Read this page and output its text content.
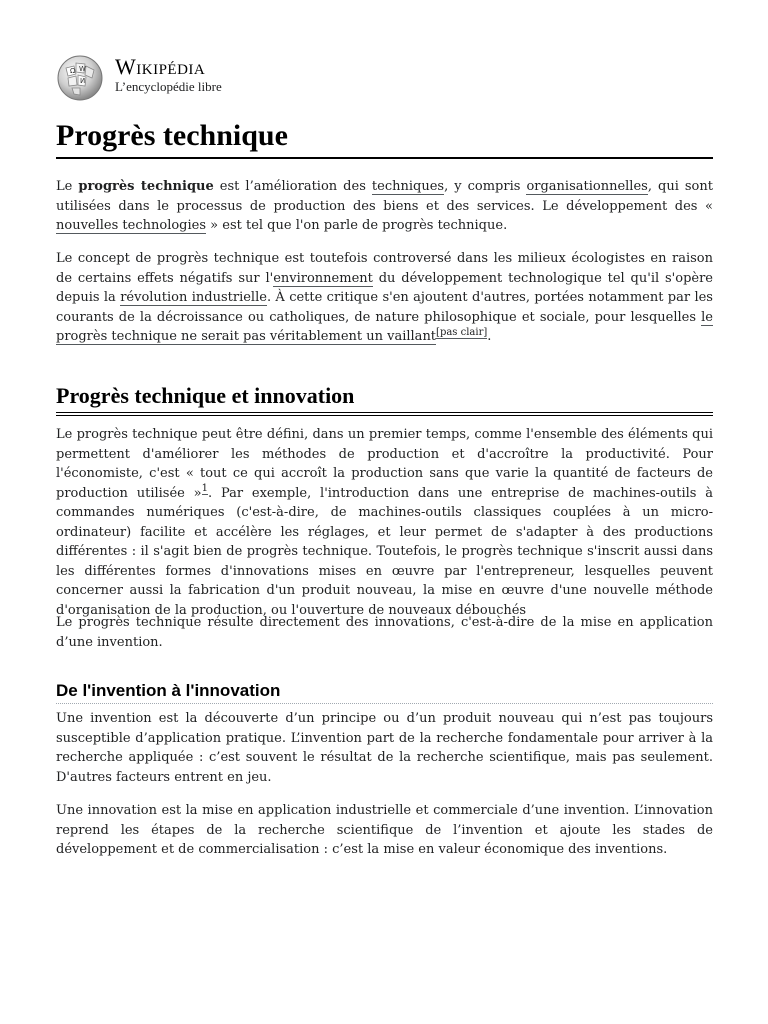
Ω W
И
Wikipédia
L’encyclopédie libre
Progrès technique

Le progrès technique est l’amélioration des techniques, y compris organisationnelles, qui sont utilisées dans le processus de production des biens et des services. Le développement des « nouvelles technologies » est tel que l'on parle de progrès technique.

Le concept de progrès technique est toutefois controversé dans les milieux écologistes en raison de certains effets négatifs sur l'environnement du développement technologique tel qu'il s'opère depuis la révolution industrielle. À cette critique s'en ajoutent d'autres, portées notamment par les courants de la décroissance ou catholiques, de nature philosophique et sociale, pour lesquelles le progrès technique ne serait pas véritablement un vaillant[pas clair].

Progrès technique et innovation

Le progrès technique peut être défini, dans un premier temps, comme l'ensemble des éléments qui permettent d'améliorer les méthodes de production et d'accroître la productivité. Pour l'économiste, c'est « tout ce qui accroît la production sans que varie la quantité de facteurs de production utilisée »$^1$. Par exemple, l'introduction dans une entreprise de machines-outils à commandes numériques (c'est-à-dire, de machines-outils classiques couplées à un micro-ordinateur) facilite et accélère les réglages, et leur permet de s'adapter à des productions différentes : il s'agit bien de progrès technique. Toutefois, le progrès technique s'inscrit aussi dans les différentes formes d'innovations mises en œuvre par l'entrepreneur, lesquelles peuvent concerner aussi la fabrication d'un produit nouveau, la mise en œuvre d'une nouvelle méthode d'organisation de la production, ou l'ouverture de nouveaux débouchés

Le progrès technique résulte directement des innovations, c'est-à-dire de la mise en application d’une invention.

De l'invention à l'innovation

Une invention est la découverte d’un principe ou d’un produit nouveau qui n’est pas toujours susceptible d’application pratique. L’invention part de la recherche fondamentale pour arriver à la recherche appliquée : c’est souvent le résultat de la recherche scientifique, mais pas seulement. D'autres facteurs entrent en jeu.

Une innovation est la mise en application industrielle et commerciale d’une invention. L’innovation reprend les étapes de la recherche scientifique de l’invention et ajoute les stades de développement et de commercialisation : c’est la mise en valeur économique des inventions.
